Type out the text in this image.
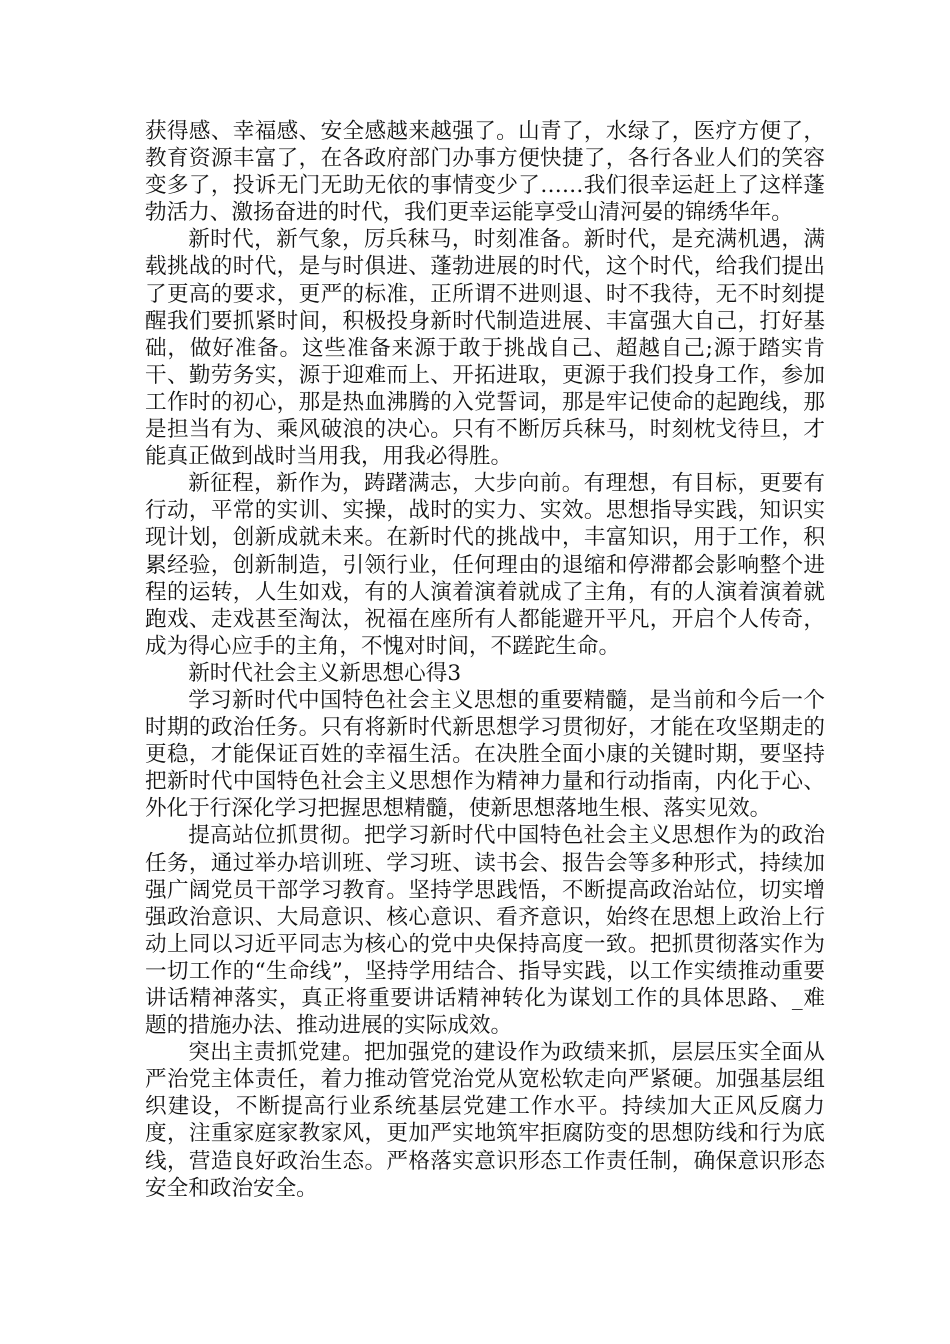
获得感、幸福感、安全感越来越强了。山青了，水绿了，医疗方便了，教育资源丰富了，在各政府部门办事方便快捷了，各行各业人们的笑容变多了，投诉无门无助无依的事情变少了……我们很幸运赶上了这样蓬勃活力、激扬奋进的时代，我们更幸运能享受山清河晏的锦绣华年。

新时代，新气象，厉兵秣马，时刻准备。新时代，是充满机遇，满载挑战的时代，是与时俱进、蓬勃进展的时代，这个时代，给我们提出了更高的要求，更严的标准，正所谓不进则退、时不我待，无不时刻提醒我们要抓紧时间，积极投身新时代制造进展、丰富强大自己，打好基础，做好准备。这些准备来源于敢于挑战自己、超越自己;源于踏实肯干、勤劳务实，源于迎难而上、开拓进取，更源于我们投身工作，参加工作时的初心，那是热血沸腾的入党誓词，那是牢记使命的起跑线，那是担当有为、乘风破浪的决心。只有不断厉兵秣马，时刻枕戈待旦，才能真正做到战时当用我，用我必得胜。

新征程，新作为，踌躇满志，大步向前。有理想，有目标，更要有行动，平常的实训、实操，战时的实力、实效。思想指导实践，知识实现计划，创新成就未来。在新时代的挑战中，丰富知识，用于工作，积累经验，创新制造，引领行业，任何理由的退缩和停滞都会影响整个进程的运转，人生如戏，有的人演着演着就成了主角，有的人演着演着就跑戏、走戏甚至淘汰，祝福在座所有人都能避开平凡，开启个人传奇，成为得心应手的主角，不愧对时间，不蹉跎生命。

新时代社会主义新思想心得3

学习新时代中国特色社会主义思想的重要精髓，是当前和今后一个时期的政治任务。只有将新时代新思想学习贯彻好，才能在攻坚期走的更稳，才能保证百姓的幸福生活。在决胜全面小康的关键时期，要坚持把新时代中国特色社会主义思想作为精神力量和行动指南，内化于心、外化于行深化学习把握思想精髓，使新思想落地生根、落实见效。

提高站位抓贯彻。把学习新时代中国特色社会主义思想作为的政治任务，通过举办培训班、学习班、读书会、报告会等多种形式，持续加强广阔党员干部学习教育。坚持学思践悟，不断提高政治站位，切实增强政治意识、大局意识、核心意识、看齐意识，始终在思想上政治上行动上同以习近平同志为核心的党中央保持高度一致。把抓贯彻落实作为一切工作的“生命线”，坚持学用结合、指导实践，以工作实绩推动重要讲话精神落实，真正将重要讲话精神转化为谋划工作的具体思路、_难题的措施办法、推动进展的实际成效。

突出主责抓党建。把加强党的建设作为政绩来抓，层层压实全面从严治党主体责任，着力推动管党治党从宽松软走向严紧硬。加强基层组织建设，不断提高行业系统基层党建工作水平。持续加大正风反腐力度，注重家庭家教家风，更加严实地筑牢拒腐防变的思想防线和行为底线，营造良好政治生态。严格落实意识形态工作责任制，确保意识形态安全和政治安全。
